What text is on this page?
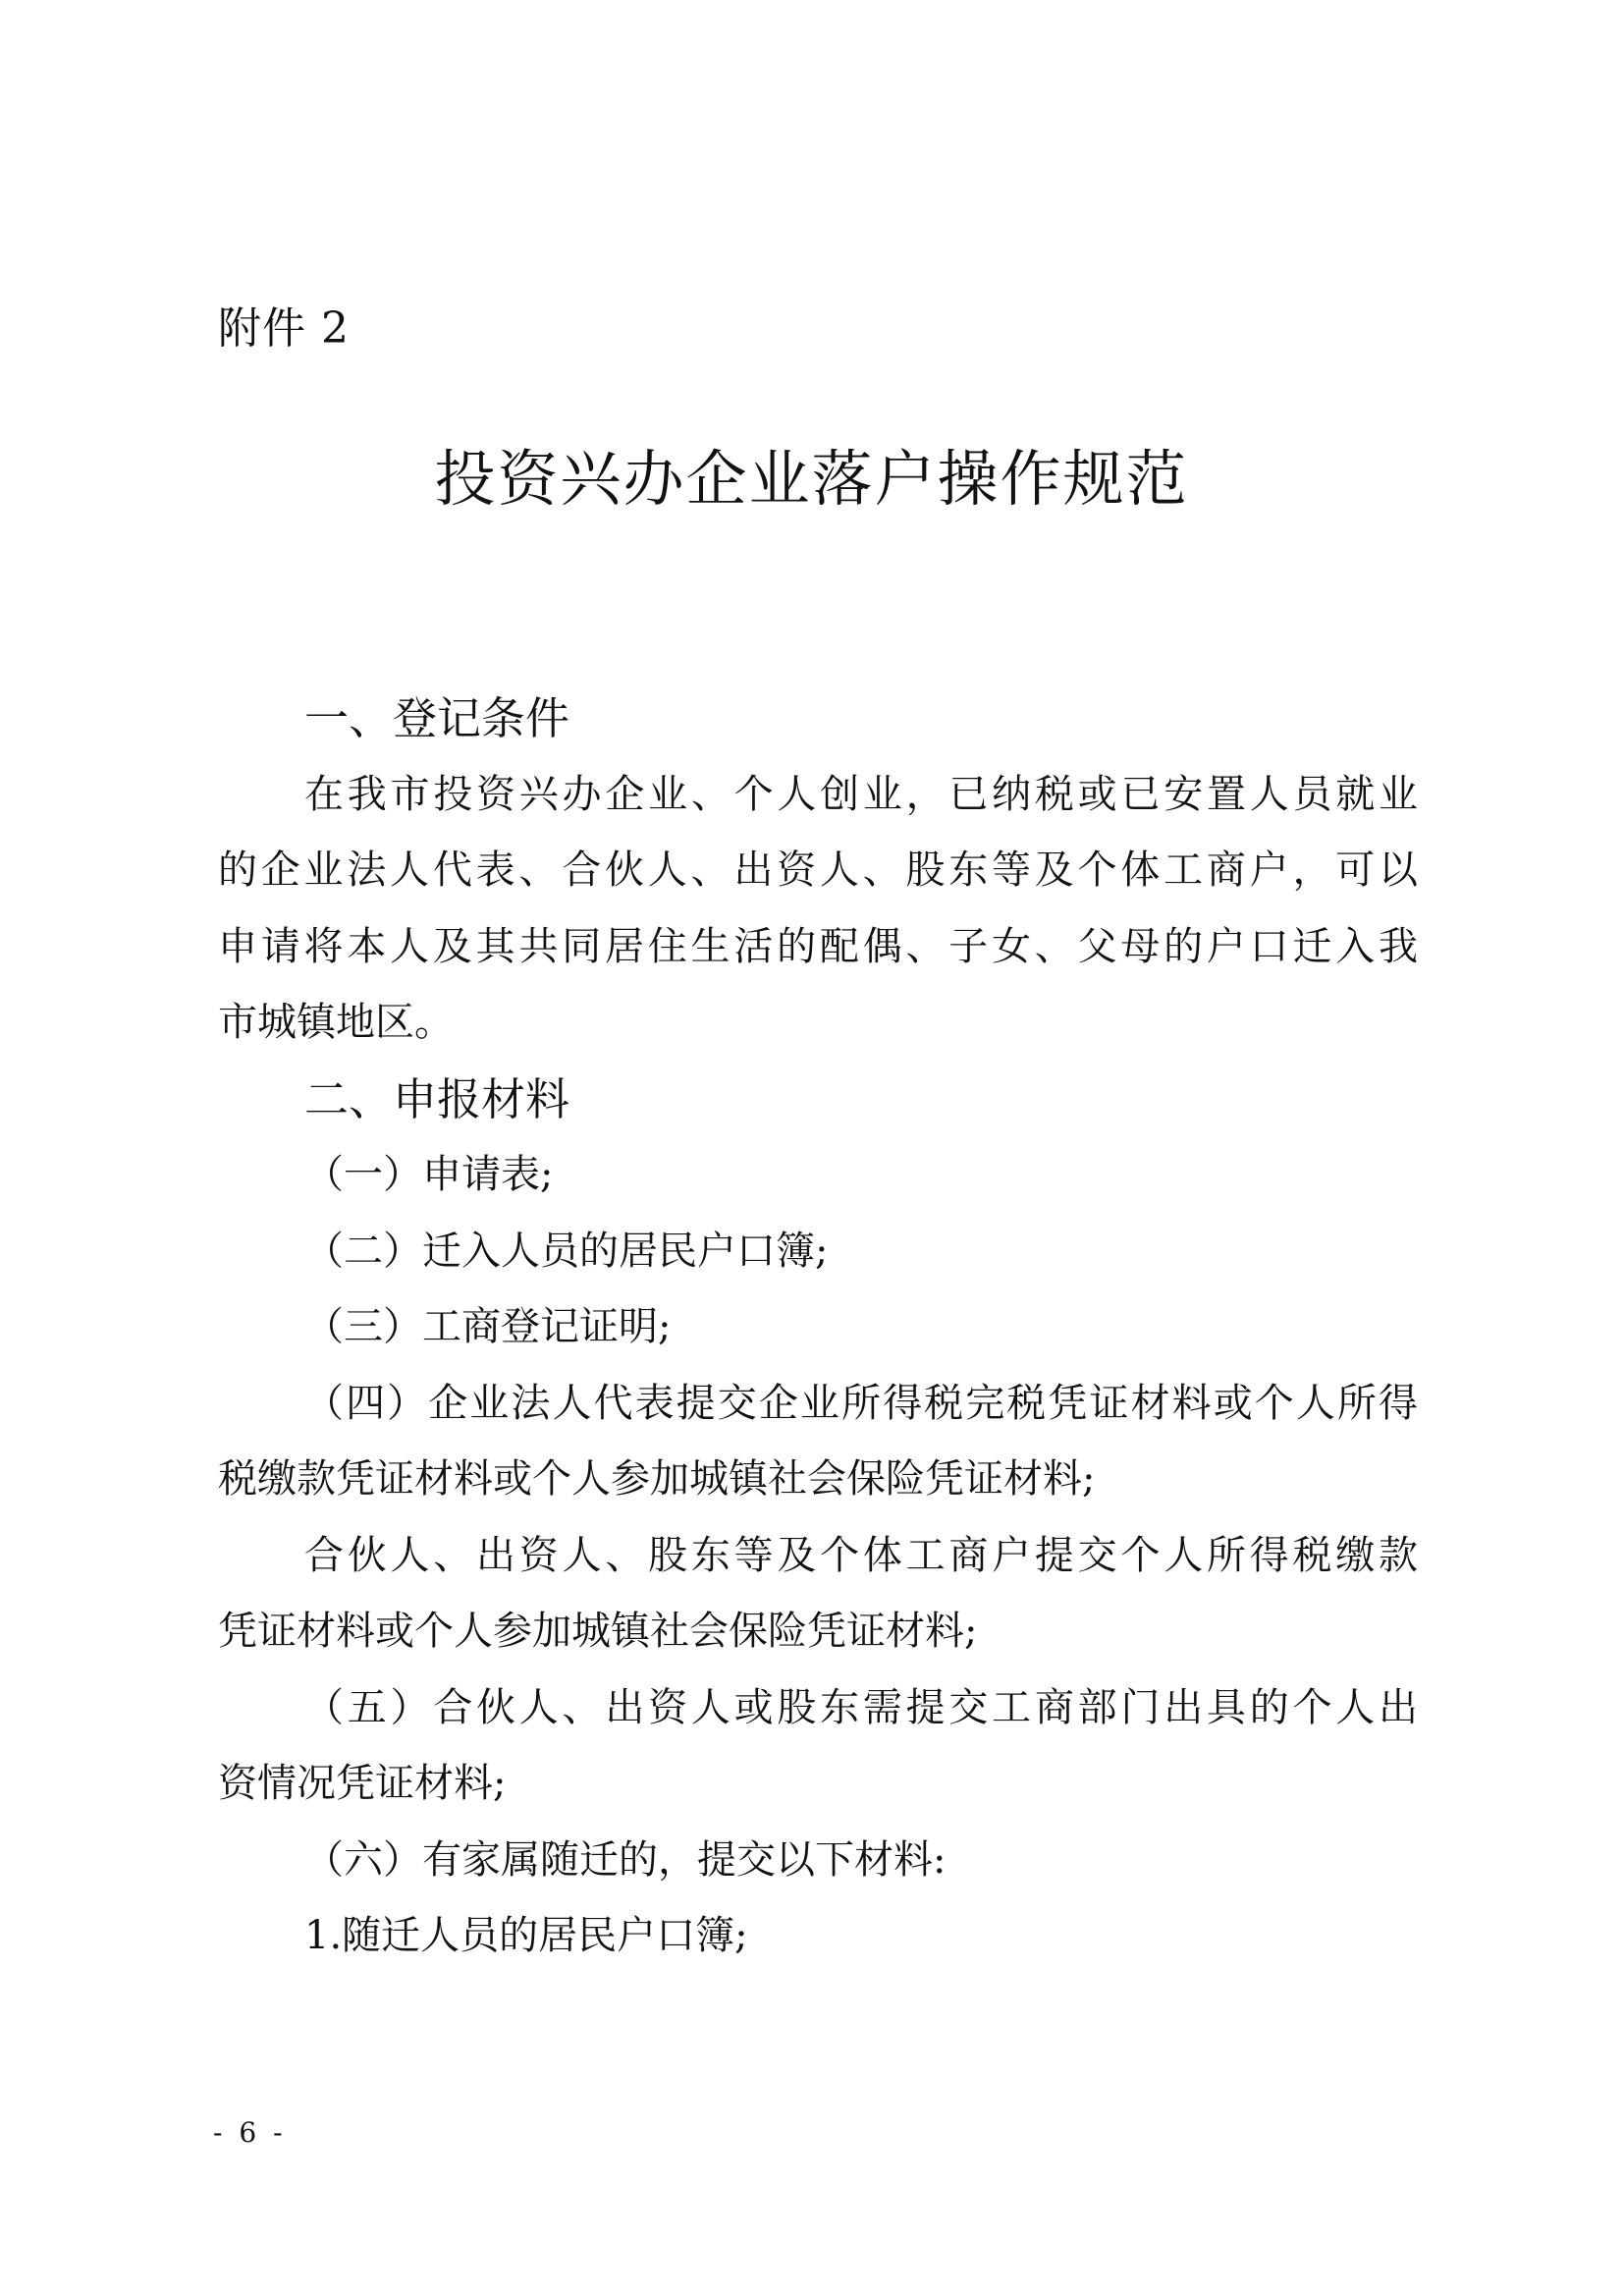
附件 2
投资兴办企业落户操作规范
一、登记条件
在我市投资兴办企业、个人创业，已纳税或已安置人员就业
的企业法人代表、合伙人、出资人、股东等及个体工商户，可以
申请将本人及其共同居住生活的配偶、子女、父母的户口迁入我
市城镇地区。
二、申报材料
（一）申请表;
（二）迁入人员的居民户口簿;
（三）工商登记证明;
（四）企业法人代表提交企业所得税完税凭证材料或个人所得
税缴款凭证材料或个人参加城镇社会保险凭证材料;
合伙人、出资人、股东等及个体工商户提交个人所得税缴款
凭证材料或个人参加城镇社会保险凭证材料;
（五）合伙人、出资人或股东需提交工商部门出具的个人出
资情况凭证材料;
（六）有家属随迁的，提交以下材料:
1.随迁人员的居民户口簿;
- 6 -
